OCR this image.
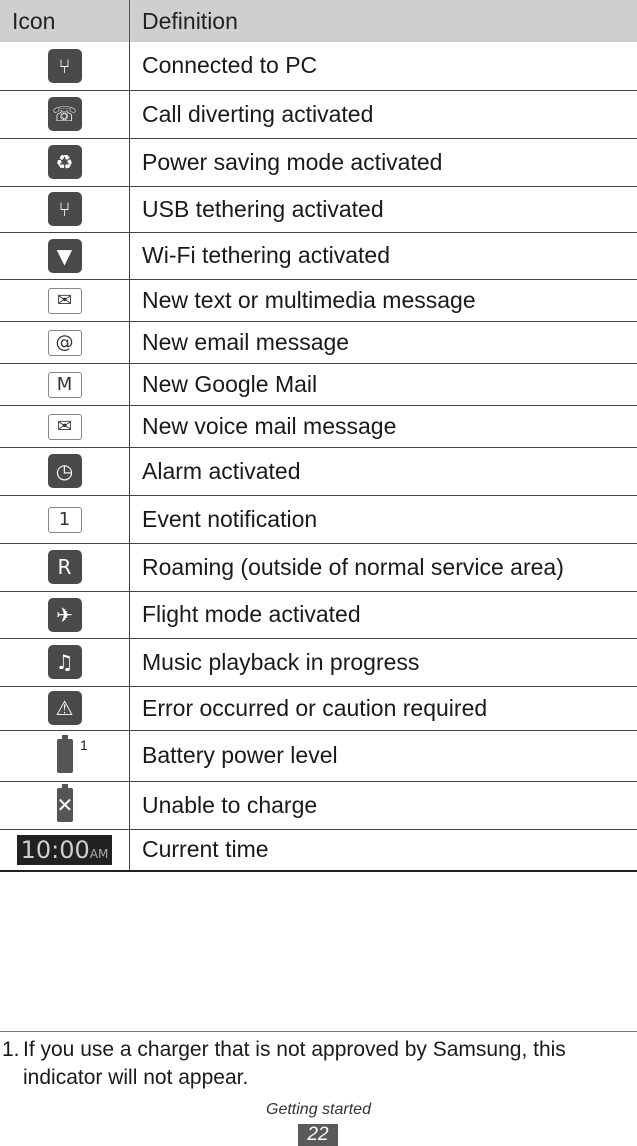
Icon	Definition
⑂	Connected to PC
☏	Call diverting activated
♻	Power saving mode activated
⑂	USB tethering activated
▼	Wi-Fi tethering activated
✉	New text or multimedia message
@	New email message
M	New Google Mail
✉	New voice mail message
◷	Alarm activated
1	Event notification
R	Roaming (outside of normal service area)
✈	Flight mode activated
♫	Music playback in progress
⚠	Error occurred or caution required

1	Battery power level
✕	Unable to charge
10:00AM	Current time
1. If you use a charger that is not approved by Samsung, this indicator will not appear.
Getting started
22
